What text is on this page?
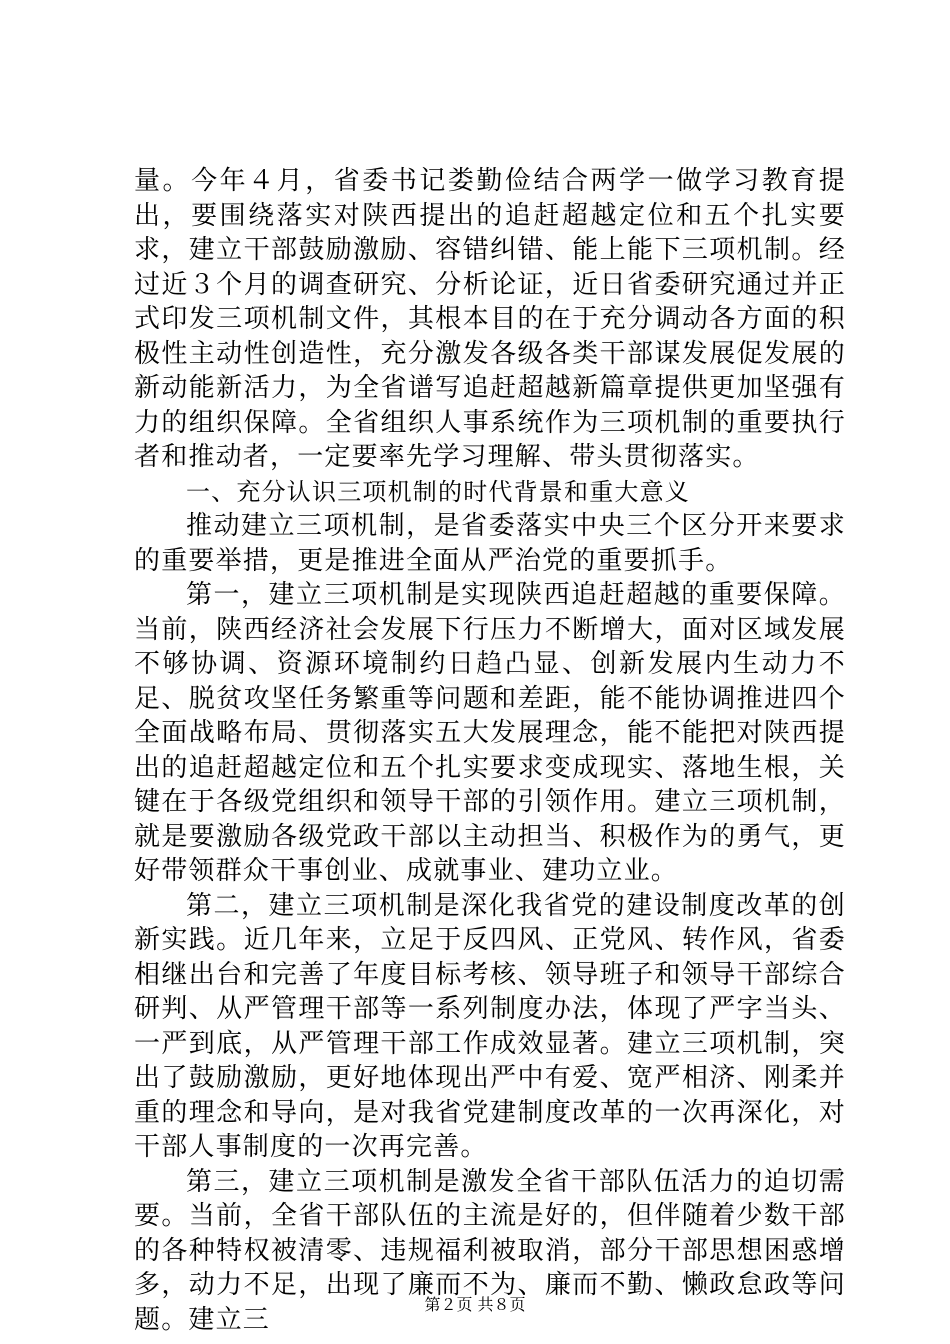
量。今年４月，省委书记娄勤俭结合两学一做学习教育提出，要围绕落实对陕西提出的追赶超越定位和五个扎实要求，建立干部鼓励激励、容错纠错、能上能下三项机制。经过近３个月的调查研究、分析论证，近日省委研究通过并正式印发三项机制文件，其根本目的在于充分调动各方面的积极性主动性创造性，充分激发各级各类干部谋发展促发展的新动能新活力，为全省谱写追赶超越新篇章提供更加坚强有力的组织保障。全省组织人事系统作为三项机制的重要执行者和推动者，一定要率先学习理解、带头贯彻落实。

一、充分认识三项机制的时代背景和重大意义

推动建立三项机制，是省委落实中央三个区分开来要求的重要举措，更是推进全面从严治党的重要抓手。

第一，建立三项机制是实现陕西追赶超越的重要保障。当前，陕西经济社会发展下行压力不断增大，面对区域发展不够协调、资源环境制约日趋凸显、创新发展内生动力不足、脱贫攻坚任务繁重等问题和差距，能不能协调推进四个全面战略布局、贯彻落实五大发展理念，能不能把对陕西提出的追赶超越定位和五个扎实要求变成现实、落地生根，关键在于各级党组织和领导干部的引领作用。建立三项机制，就是要激励各级党政干部以主动担当、积极作为的勇气，更好带领群众干事创业、成就事业、建功立业。

第二，建立三项机制是深化我省党的建设制度改革的创新实践。近几年来，立足于反四风、正党风、转作风，省委相继出台和完善了年度目标考核、领导班子和领导干部综合研判、从严管理干部等一系列制度办法，体现了严字当头、一严到底，从严管理干部工作成效显著。建立三项机制，突出了鼓励激励，更好地体现出严中有爱、宽严相济、刚柔并重的理念和导向，是对我省党建制度改革的一次再深化，对干部人事制度的一次再完善。

第三，建立三项机制是激发全省干部队伍活力的迫切需要。当前，全省干部队伍的主流是好的，但伴随着少数干部的各种特权被清零、违规福利被取消，部分干部思想困惑增多，动力不足，出现了廉而不为、廉而不勤、懒政怠政等问题。建立三	第２页 共８页
